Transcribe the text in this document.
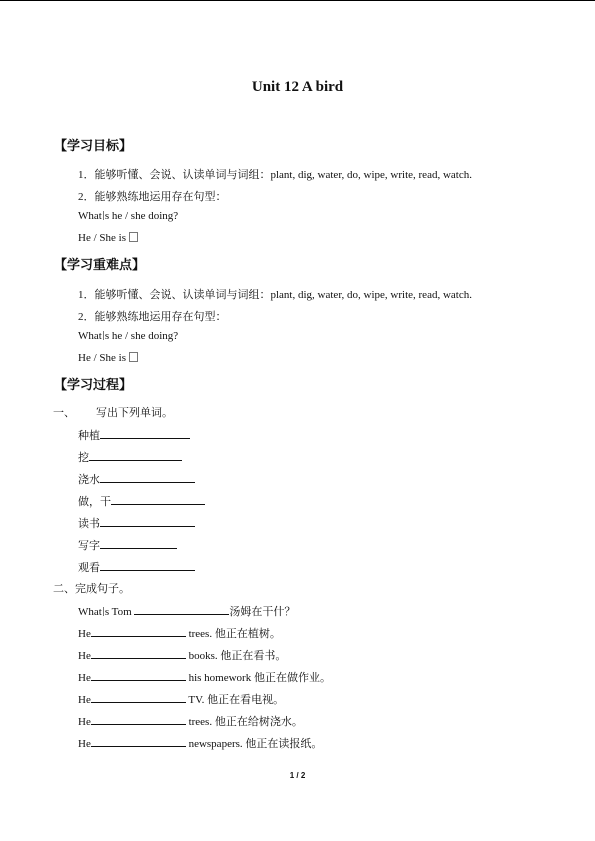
Unit 12 A bird
【学习目标】
1．能够听懂、会说、认读单词与词组：plant, dig, water, do, wipe, write, read, watch.
2．能够熟练地运用存在句型：
What s he / she doing?
He / She is
【学习重难点】
1．能够听懂、会说、认读单词与词组：plant, dig, water, do, wipe, write, read, watch.
2．能够熟练地运用存在句型：
What s he / she doing?
He / She is
【学习过程】
一、 写出下列单词。
种植
挖
浇水
做，干
读书
写字
观看
二、完成句子。
What s Tom	汤姆在干什？
He	trees. 他正在植树。
He	books. 他正在看书。
He	his homework 他正在做作业。
He	TV. 他正在看电视。
He	trees. 他正在给树浇水。
He	newspapers. 他正在读报纸。
1 / 2
